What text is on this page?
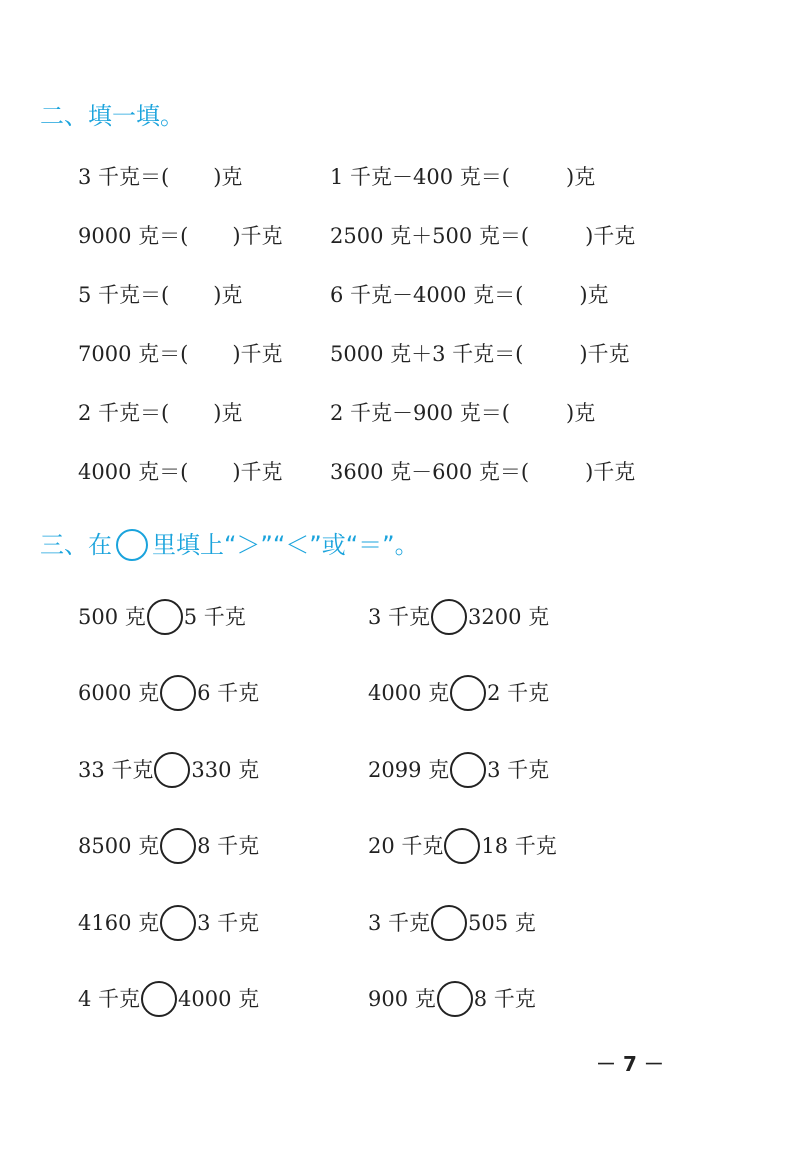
二、填一填。
3 千克＝( )克	1 千克－400 克＝(	)克
9000 克＝( )千克 2500 克＋500 克＝(	)千克
5 千克＝( )克	6 千克－4000 克＝(	)克
7000 克＝( )千克 5000 克＋3 千克＝(	)千克
2 千克＝( )克	2 千克－900 克＝(	)克
4000 克＝( )千克 3600 克－600 克＝(	)千克
三、在 里填上“＞”“＜”或“＝”。
500 克 5 千克	3 千克 3200 克
6000 克 6 千克	4000 克 2 千克
33 千克 330 克	2099 克 3 千克
8500 克 8 千克	20 千克 18 千克
4160 克 3 千克	3 千克 505 克
4 千克 4000 克	900 克 8 千克
－ 7 －
